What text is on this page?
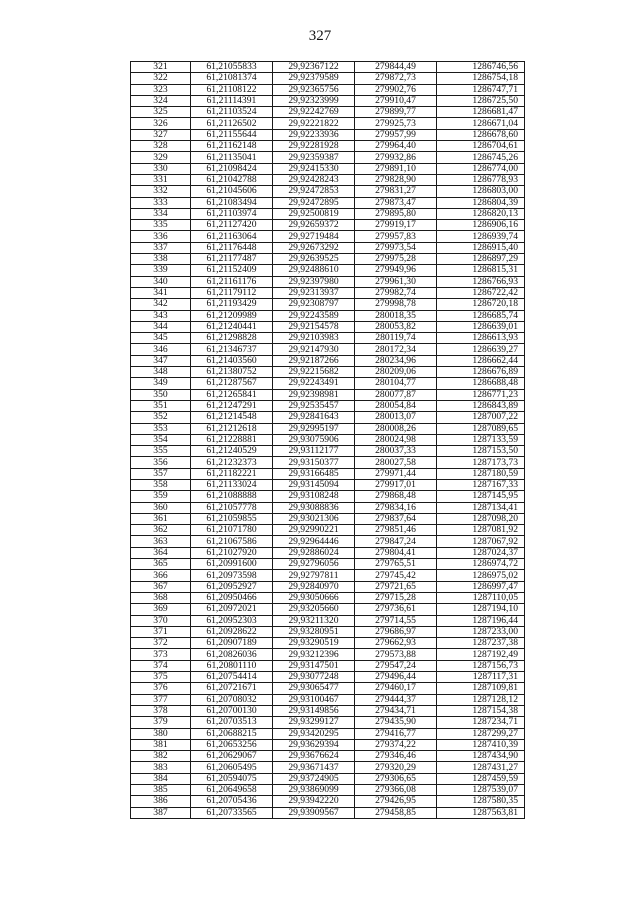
327
321	61,21055833	29,92367122	279844,49	1286746,56
322	61,21081374	29,92379589	279872,73	1286754,18
323	61,21108122	29,92365756	279902,76	1286747,71
324	61,21114391	29,92323999	279910,47	1286725,50
325	61,21103524	29,92242769	279899,77	1286681,47
326	61,21126502	29,92221822	279925,73	1286671,04
327	61,21155644	29,92233936	279957,99	1286678,60
328	61,21162148	29,92281928	279964,40	1286704,61
329	61,21135041	29,92359387	279932,86	1286745,26
330	61,21098424	29,92415330	279891,10	1286774,00
331	61,21042788	29,92428243	279828,90	1286778,93
332	61,21045606	29,92472853	279831,27	1286803,00
333	61,21083494	29,92472895	279873,47	1286804,39
334	61,21103974	29,92500819	279895,80	1286820,13
335	61,21127420	29,92659372	279919,17	1286906,16
336	61,21163064	29,92719484	279957,83	1286939,74
337	61,21176448	29,92673292	279973,54	1286915,40
338	61,21177487	29,92639525	279975,28	1286897,29
339	61,21152409	29,92488610	279949,96	1286815,31
340	61,21161176	29,92397980	279961,30	1286766,93
341	61,21179112	29,92313937	279982,74	1286722,42
342	61,21193429	29,92308797	279998,78	1286720,18
343	61,21209989	29,92243589	280018,35	1286685,74
344	61,21240441	29,92154578	280053,82	1286639,01
345	61,21298828	29,92103983	280119,74	1286613,93
346	61,21346737	29,92147930	280172,34	1286639,27
347	61,21403560	29,92187266	280234,96	1286662,44
348	61,21380752	29,92215682	280209,06	1286676,89
349	61,21287567	29,92243491	280104,77	1286688,48
350	61,21265841	29,92398981	280077,87	1286771,23
351	61,21247291	29,92535457	280054,84	1286843,89
352	61,21214548	29,92841643	280013,07	1287007,22
353	61,21212618	29,92995197	280008,26	1287089,65
354	61,21228881	29,93075906	280024,98	1287133,59
355	61,21240529	29,93112177	280037,33	1287153,50
356	61,21232373	29,93150377	280027,58	1287173,73
357	61,21182221	29,93166485	279971,44	1287180,59
358	61,21133024	29,93145094	279917,01	1287167,33
359	61,21088888	29,93108248	279868,48	1287145,95
360	61,21057778	29,93088836	279834,16	1287134,41
361	61,21059855	29,93021306	279837,64	1287098,20
362	61,21071780	29,92990221	279851,46	1287081,92
363	61,21067586	29,92964446	279847,24	1287067,92
364	61,21027920	29,92886024	279804,41	1287024,37
365	61,20991600	29,92796056	279765,51	1286974,72
366	61,20973598	29,92797811	279745,42	1286975,02
367	61,20952927	29,92840970	279721,65	1286997,47
368	61,20950466	29,93050666	279715,28	1287110,05
369	61,20972021	29,93205660	279736,61	1287194,10
370	61,20952303	29,93211320	279714,55	1287196,44
371	61,20928622	29,93280951	279686,97	1287233,00
372	61,20907189	29,93290519	279662,93	1287237,38
373	61,20826036	29,93212396	279573,88	1287192,49
374	61,20801110	29,93147501	279547,24	1287156,73
375	61,20754414	29,93077248	279496,44	1287117,31
376	61,20721671	29,93065477	279460,17	1287109,81
377	61,20708032	29,93100467	279444,37	1287128,12
378	61,20700130	29,93149856	279434,71	1287154,38
379	61,20703513	29,93299127	279435,90	1287234,71
380	61,20688215	29,93420295	279416,77	1287299,27
381	61,20653256	29,93629394	279374,22	1287410,39
382	61,20629067	29,93676624	279346,46	1287434,90
383	61,20605495	29,93671437	279320,29	1287431,27
384	61,20594075	29,93724905	279306,65	1287459,59
385	61,20649658	29,93869099	279366,08	1287539,07
386	61,20705436	29,93942220	279426,95	1287580,35
387	61,20733565	29,93909567	279458,85	1287563,81
